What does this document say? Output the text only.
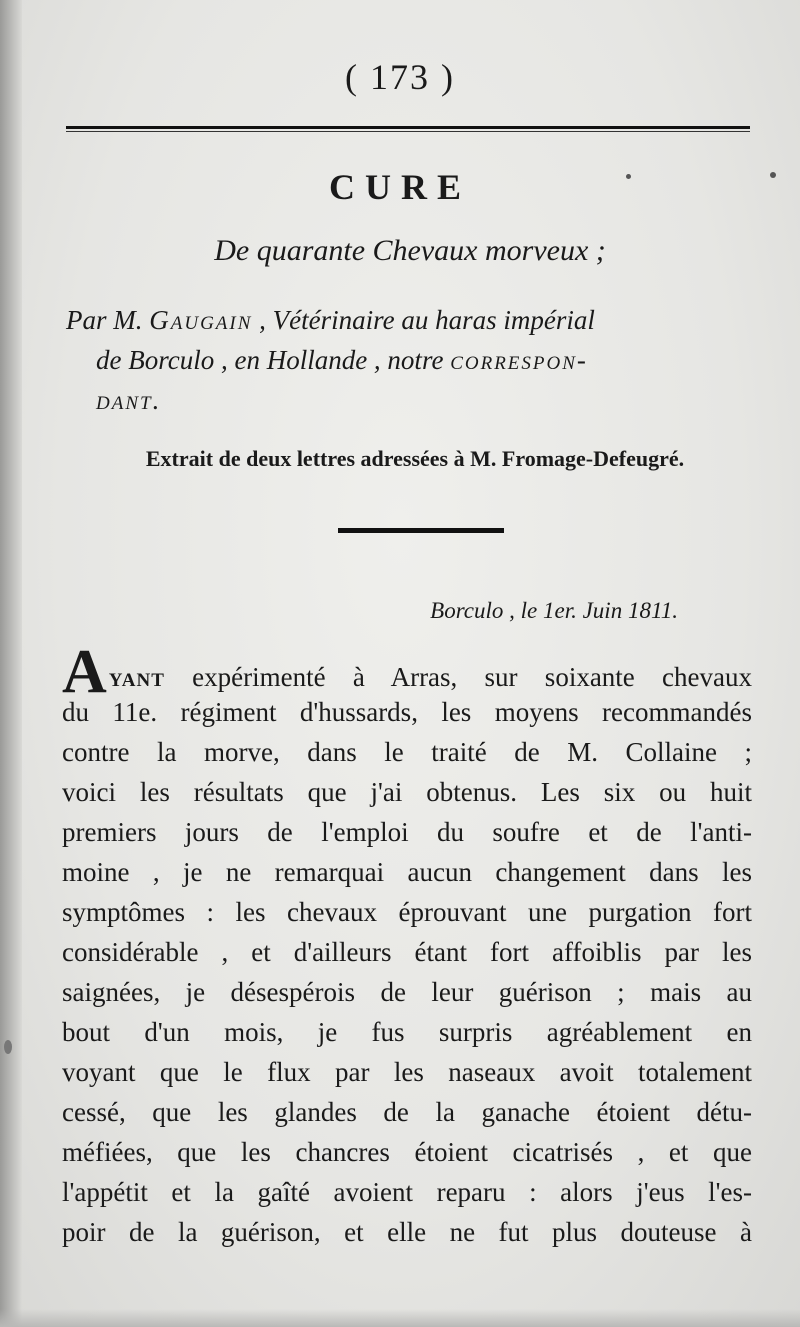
( 173 )
CURE
De quarante Chevaux morveux ;
Par M. Gaugain , Vétérinaire au haras impérial
de Borculo , en Hollande , notre correspon-
dant.
Extrait de deux lettres adressées à M. Fromage-Defeugré.
Borculo , le 1er. Juin 1811.
Ayant expérimenté à Arras, sur soixante chevaux
du 11e. régiment d'hussards, les moyens recommandés
contre la morve, dans le traité de M. Collaine ;
voici les résultats que j'ai obtenus. Les six ou huit
premiers jours de l'emploi du soufre et de l'anti-
moine , je ne remarquai aucun changement dans les
symptômes : les chevaux éprouvant une purgation fort
considérable , et d'ailleurs étant fort affoiblis par les
saignées, je désespérois de leur guérison ; mais au
bout d'un mois, je fus surpris agréablement en
voyant que le flux par les naseaux avoit totalement
cessé, que les glandes de la ganache étoient détu-
méfiées, que les chancres étoient cicatrisés , et que
l'appétit et la gaîté avoient reparu : alors j'eus l'es-
poir de la guérison, et elle ne fut plus douteuse à
